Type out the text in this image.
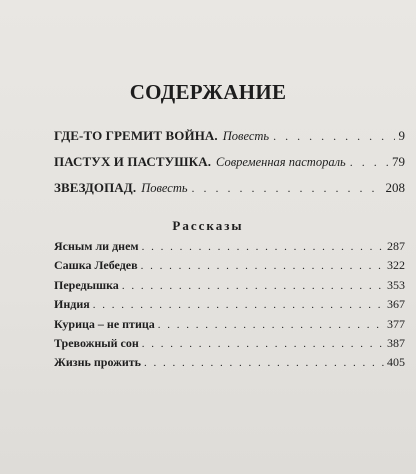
СОДЕРЖАНИЕ
ГДЕ-ТО ГРЕМИТ ВОЙНА. Повесть . . .	9
ПАСТУХ И ПАСТУШКА. Современная пастораль . . .	79
ЗВЕЗДОПАД. Повесть . . .	208
Рассказы
Ясным ли днем . . .	287
Сашка Лебедев . . .	322
Передышка . . .	353
Индия . . .	367
Курица – не птица . . .	377
Тревожный сон . . .	387
Жизнь прожить . . .	405
